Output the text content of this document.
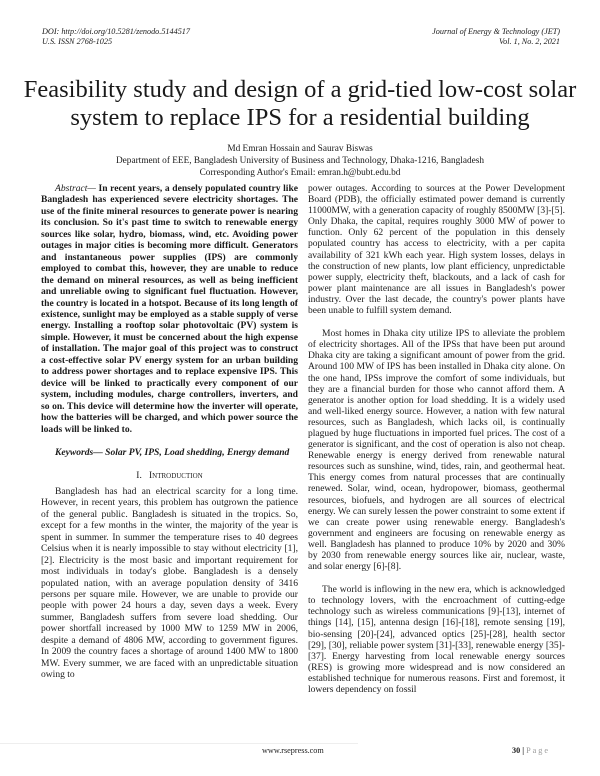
DOI: http://doi.org/10.5281/zenodo.5144517
U.S. ISSN 2768-1025
Journal of Energy & Technology (JET)
Vol. 1, No. 2, 2021
Feasibility study and design of a grid-tied low-cost solar system to replace IPS for a residential building
Md Emran Hossain and Saurav Biswas
Department of EEE, Bangladesh University of Business and Technology, Dhaka-1216, Bangladesh
Corresponding Author's Email: emran.h@bubt.edu.bd

Abstract— In recent years, a densely populated country like Bangladesh has experienced severe electricity shortages. The use of the finite mineral resources to generate power is nearing its conclusion. So it's past time to switch to renewable energy sources like solar, hydro, biomass, wind, etc. Avoiding power outages in major cities is becoming more difficult. Generators and instantaneous power supplies (IPS) are commonly employed to combat this, however, they are unable to reduce the demand on mineral resources, as well as being inefficient and unreliable owing to significant fuel fluctuation. However, the country is located in a hotspot. Because of its long length of existence, sunlight may be employed as a stable supply of verse energy. Installing a rooftop solar photovoltaic (PV) system is simple. However, it must be concerned about the high expense of installation. The major goal of this project was to construct a cost-effective solar PV energy system for an urban building to address power shortages and to replace expensive IPS. This device will be linked to practically every component of our system, including modules, charge controllers, inverters, and so on. This device will determine how the inverter will operate, how the batteries will be charged, and which power source the loads will be linked to.

Keywords— Solar PV, IPS, Load shedding, Energy demand

I. Introduction

Bangladesh has had an electrical scarcity for a long time. However, in recent years, this problem has outgrown the patience of the general public. Bangladesh is situated in the tropics. So, except for a few months in the winter, the majority of the year is spent in summer. In summer the temperature rises to 40 degrees Celsius when it is nearly impossible to stay without electricity [1], [2]. Electricity is the most basic and important requirement for most individuals in today's globe. Bangladesh is a densely populated nation, with an average population density of 3416 persons per square mile. However, we are unable to provide our people with power 24 hours a day, seven days a week. Every summer, Bangladesh suffers from severe load shedding. Our power shortfall increased by 1000 MW to 1259 MW in 2006, despite a demand of 4806 MW, according to government figures. In 2009 the country faces a shortage of around 1400 MW to 1800 MW. Every summer, we are faced with an unpredictable situation owing to

power outages. According to sources at the Power Development Board (PDB), the officially estimated power demand is currently 11000MW, with a generation capacity of roughly 8500MW [3]-[5]. Only Dhaka, the capital, requires roughly 3000 MW of power to function. Only 62 percent of the population in this densely populated country has access to electricity, with a per capita availability of 321 kWh each year. High system losses, delays in the construction of new plants, low plant efficiency, unpredictable power supply, electricity theft, blackouts, and a lack of cash for power plant maintenance are all issues in Bangladesh's power industry. Over the last decade, the country's power plants have been unable to fulfill system demand.

Most homes in Dhaka city utilize IPS to alleviate the problem of electricity shortages. All of the IPSs that have been put around Dhaka city are taking a significant amount of power from the grid. Around 100 MW of IPS has been installed in Dhaka city alone. On the one hand, IPSs improve the comfort of some individuals, but they are a financial burden for those who cannot afford them. A generator is another option for load shedding. It is a widely used and well-liked energy source. However, a nation with few natural resources, such as Bangladesh, which lacks oil, is continually plagued by huge fluctuations in imported fuel prices. The cost of a generator is significant, and the cost of operation is also not cheap. Renewable energy is energy derived from renewable natural resources such as sunshine, wind, tides, rain, and geothermal heat. This energy comes from natural processes that are continually renewed. Solar, wind, ocean, hydropower, biomass, geothermal resources, biofuels, and hydrogen are all sources of electrical energy. We can surely lessen the power constraint to some extent if we can create power using renewable energy. Bangladesh's government and engineers are focusing on renewable energy as well. Bangladesh has planned to produce 10% by 2020 and 30% by 2030 from renewable energy sources like air, nuclear, waste, and solar energy [6]-[8].

The world is inflowing in the new era, which is acknowledged to technology lovers, with the encroachment of cutting-edge technology such as wireless communications [9]-[13], internet of things [14], [15], antenna design [16]-[18], remote sensing [19], bio-sensing [20]-[24], advanced optics [25]-[28], health sector [29], [30], reliable power system [31]-[33], renewable energy [35]-[37]. Energy harvesting from local renewable energy sources (RES) is growing more widespread and is now considered an established technique for numerous reasons. First and foremost, it lowers dependency on fossil

www.rsepress.com	30 | Page
